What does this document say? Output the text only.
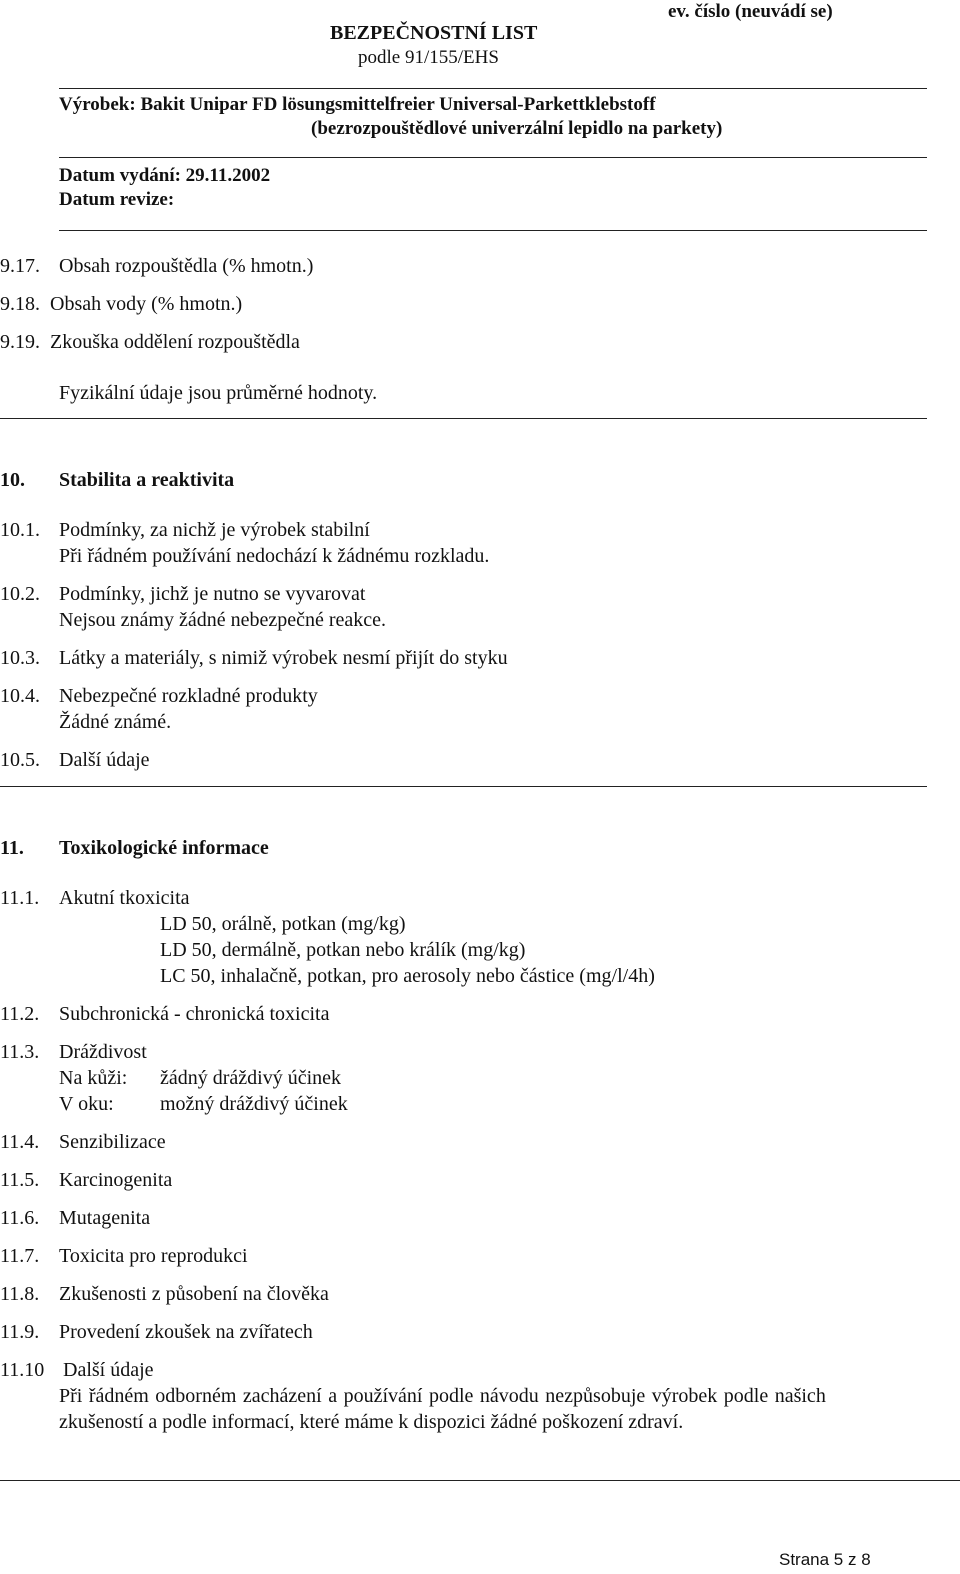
BEZPEČNOSTNÍ LIST
podle 91/155/EHS
ev. číslo (neuvádí se)
Výrobek: Bakit Unipar FD lösungsmittelfreier Universal-Parkettklebstoff
(bezrozpouštědlové univerzální lepidlo na parkety)
Datum vydání: 29.11.2002
Datum revize:
9.17. Obsah rozpouštědla (% hmotn.)
9.18. Obsah vody (% hmotn.)
9.19. Zkouška oddělení rozpouštědla
Fyzikální údaje jsou průměrné hodnoty.
10. Stabilita a reaktivita
10.1. Podmínky, za nichž je výrobek stabilní
Při řádném používání nedochází k žádnému rozkladu.
10.2. Podmínky, jichž je nutno se vyvarovat
Nejsou známy žádné nebezpečné reakce.
10.3. Látky a materiály, s nimiž výrobek nesmí přijít do styku
10.4. Nebezpečné rozkladné produkty
Žádné známé.
10.5. Další údaje
11. Toxikologické informace
11.1. Akutní tkoxicita
LD 50, orálně, potkan (mg/kg)
LD 50, dermálně, potkan nebo králík (mg/kg)
LC 50, inhalačně, potkan, pro aerosoly nebo částice (mg/l/4h)
11.2. Subchronická - chronická toxicita
11.3. Dráždivost
Na kůži: žádný dráždivý účinek
V oku: možný dráždivý účinek
11.4. Senzibilizace
11.5. Karcinogenita
11.6. Mutagenita
11.7. Toxicita pro reprodukci
11.8. Zkušenosti z působení na člověka
11.9. Provedení zkoušek na zvířatech
11.10 Další údaje
Při řádném odborném zacházení a používání podle návodu nezpůsobuje výrobek podle našich
zkušeností a podle informací, které máme k dispozici žádné poškození zdraví.
Strana 5 z 8
